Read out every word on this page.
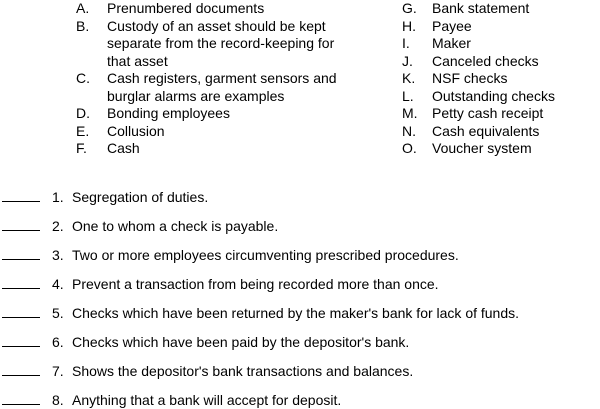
A. Prenumbered documents
B. Custody of an asset should be kept separate from the record-keeping for that asset
C. Cash registers, garment sensors and burglar alarms are examples
D. Bonding employees
E. Collusion
F. Cash
G. Bank statement
H. Payee
I. Maker
J. Canceled checks
K. NSF checks
L. Outstanding checks
M. Petty cash receipt
N. Cash equivalents
O. Voucher system
1. Segregation of duties.
2. One to whom a check is payable.
3. Two or more employees circumventing prescribed procedures.
4. Prevent a transaction from being recorded more than once.
5. Checks which have been returned by the maker's bank for lack of funds.
6. Checks which have been paid by the depositor's bank.
7. Shows the depositor's bank transactions and balances.
8. Anything that a bank will accept for deposit.
